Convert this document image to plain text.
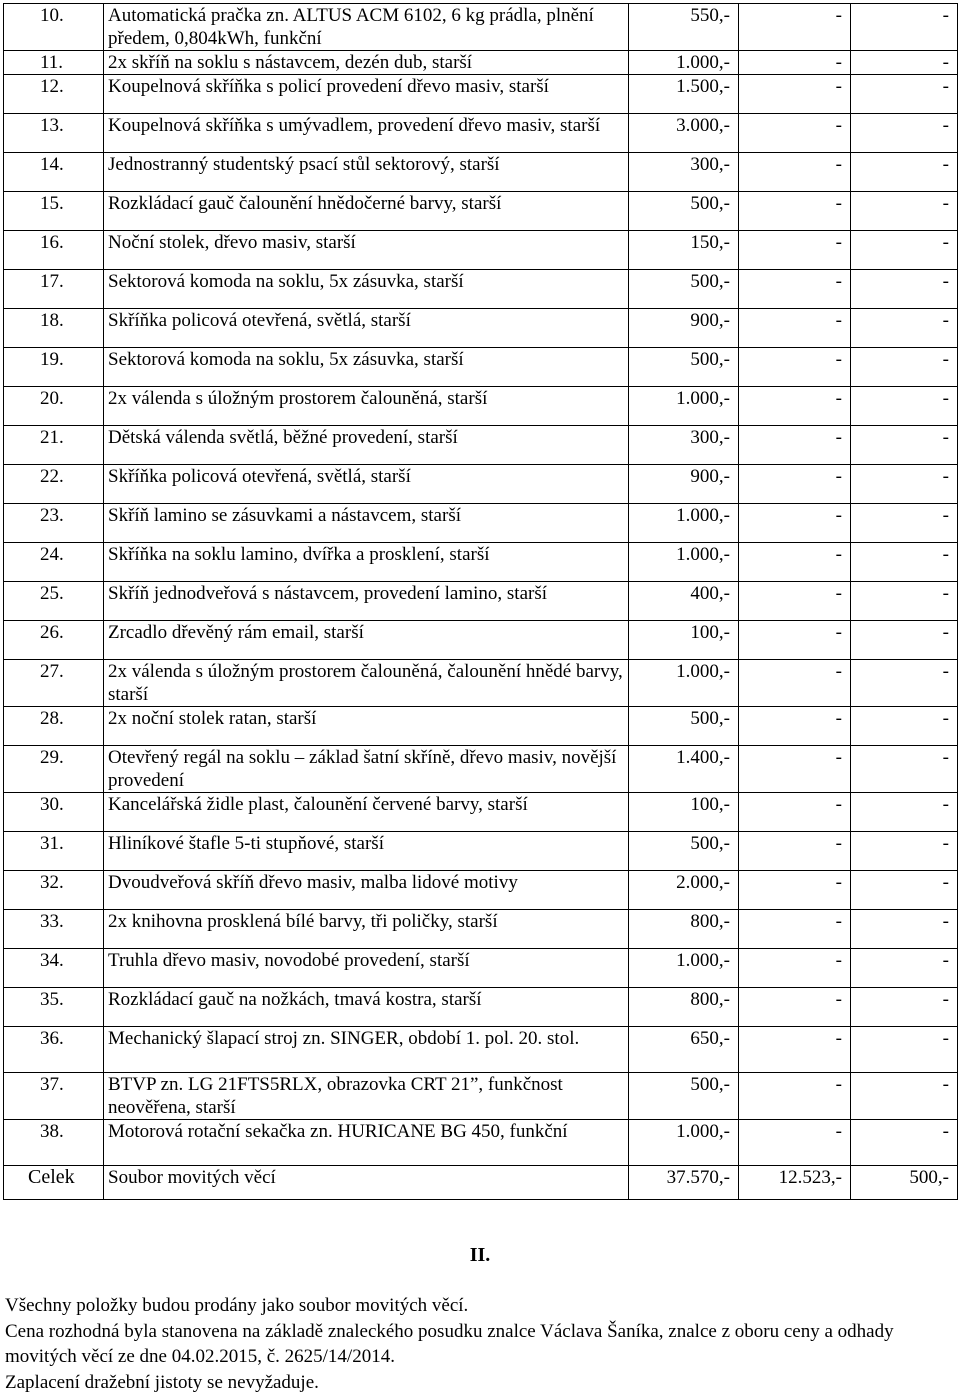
10.	Automatická pračka zn. ALTUS ACM 6102, 6 kg prádla, plnění předem, 0,804kWh, funkční	550,-	-	-
11.	2x skříň na soklu s nástavcem, dezén dub, starší	1.000,-	-	-
12.	Koupelnová skříňka s policí provedení dřevo masiv, starší	1.500,-	-	-
13.	Koupelnová skříňka s umývadlem, provedení dřevo masiv, starší	3.000,-	-	-
14.	Jednostranný studentský psací stůl sektorový, starší	300,-	-	-
15.	Rozkládací gauč čalounění hnědočerné barvy, starší	500,-	-	-
16.	Noční stolek, dřevo masiv, starší	150,-	-	-
17.	Sektorová komoda na soklu, 5x zásuvka, starší	500,-	-	-
18.	Skříňka policová otevřená, světlá, starší	900,-	-	-
19.	Sektorová komoda na soklu, 5x zásuvka, starší	500,-	-	-
20.	2x válenda s úložným prostorem čalouněná, starší	1.000,-	-	-
21.	Dětská válenda světlá, běžné provedení, starší	300,-	-	-
22.	Skříňka policová otevřená, světlá, starší	900,-	-	-
23.	Skříň lamino se zásuvkami a nástavcem, starší	1.000,-	-	-
24.	Skříňka na soklu lamino, dvířka a prosklení, starší	1.000,-	-	-
25.	Skříň jednodveřová s nástavcem, provedení lamino, starší	400,-	-	-
26.	Zrcadlo dřevěný rám email, starší	100,-	-	-
27.	2x válenda s úložným prostorem čalouněná, čalounění hnědé barvy, starší	1.000,-	-	-
28.	2x noční stolek ratan, starší	500,-	-	-
29.	Otevřený regál na soklu – základ šatní skříně, dřevo masiv, novější provedení	1.400,-	-	-
30.	Kancelářská židle plast, čalounění červené barvy, starší	100,-	-	-
31.	Hliníkové štafle 5-ti stupňové, starší	500,-	-	-
32.	Dvoudveřová skříň dřevo masiv, malba lidové motivy	2.000,-	-	-
33.	2x knihovna prosklená bílé barvy, tři poličky, starší	800,-	-	-
34.	Truhla dřevo masiv, novodobé provedení, starší	1.000,-	-	-
35.	Rozkládací gauč na nožkách, tmavá kostra, starší	800,-	-	-
36.	Mechanický šlapací stroj zn. SINGER, období 1. pol. 20. stol.	650,-	-	-
37.	BTVP zn. LG 21FTS5RLX, obrazovka CRT 21”, funkčnost neověřena, starší	500,-	-	-
38.	Motorová rotační sekačka zn. HURICANE BG 450, funkční	1.000,-	-	-
Celek	Soubor movitých věcí	37.570,-	12.523,-	500,-
II.

Všechny položky budou prodány jako soubor movitých věcí.

Cena rozhodná byla stanovena na základě znaleckého posudku znalce Václava Šaníka, znalce z oboru ceny a odhady movitých věcí ze dne 04.02.2015, č. 2625/14/2014.

Zaplacení dražební jistoty se nevyžaduje.
